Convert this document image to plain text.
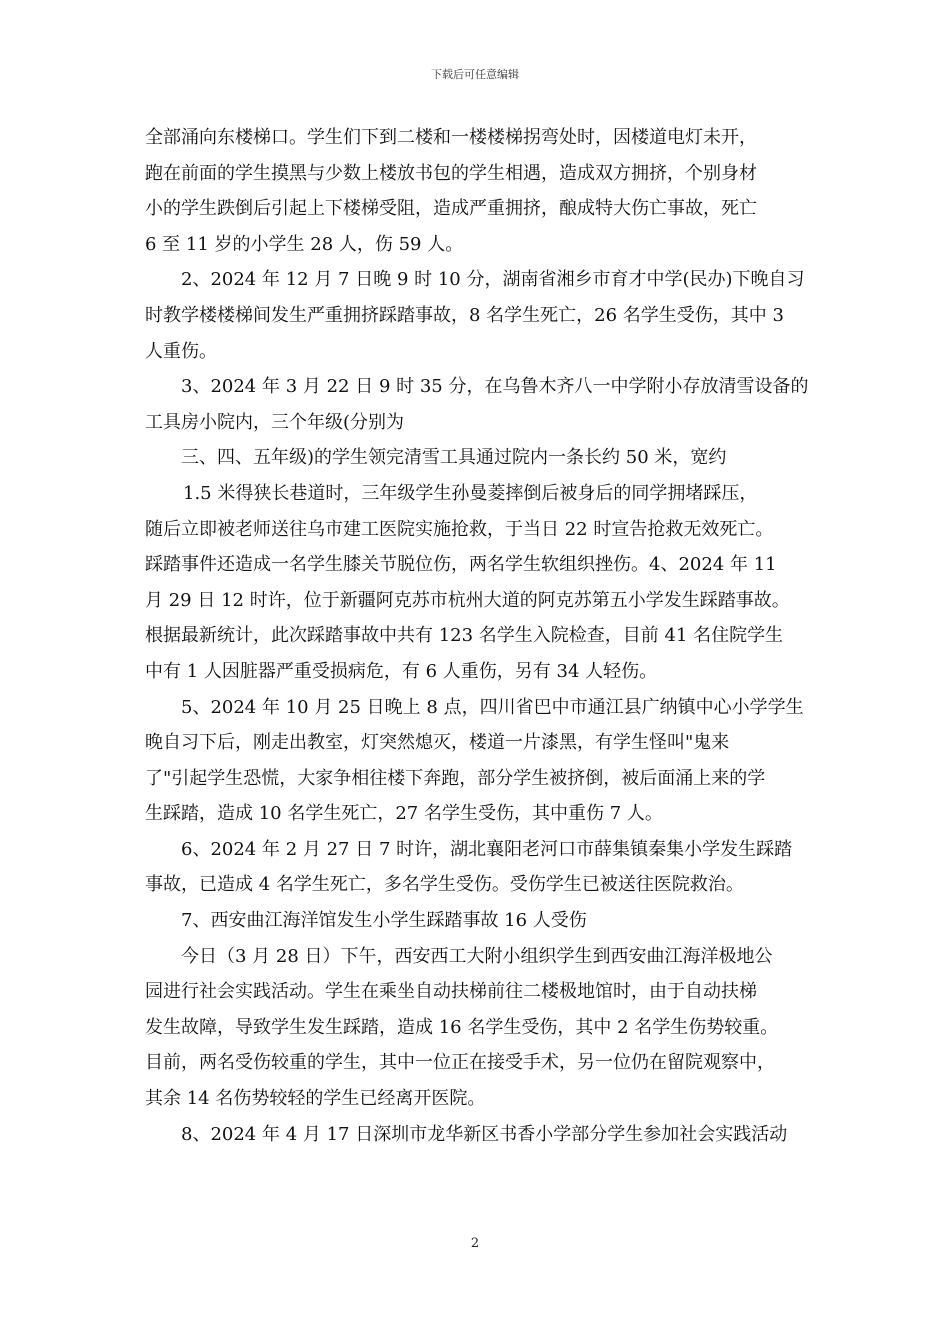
下载后可任意编辑
全部涌向东楼梯口。学生们下到二楼和一楼楼梯拐弯处时，因楼道电灯未开，
跑在前面的学生摸黑与少数上楼放书包的学生相遇，造成双方拥挤，个别身材
小的学生跌倒后引起上下楼梯受阻，造成严重拥挤，酿成特大伤亡事故，死亡
6 至 11 岁的小学生 28 人，伤 59 人。
2、2024 年 12 月 7 日晚 9 时 10 分，湖南省湘乡市育才中学(民办)下晚自习
时教学楼楼梯间发生严重拥挤踩踏事故，8 名学生死亡，26 名学生受伤，其中 3
人重伤。
3、2024 年 3 月 22 日 9 时 35 分，在乌鲁木齐八一中学附小存放清雪设备的
工具房小院内，三个年级(分别为
三、四、五年级)的学生领完清雪工具通过院内一条长约 50 米，宽约
1.5 米得狭长巷道时，三年级学生孙曼菱摔倒后被身后的同学拥堵踩压，
随后立即被老师送往乌市建工医院实施抢救，于当日 22 时宣告抢救无效死亡。
踩踏事件还造成一名学生膝关节脱位伤，两名学生软组织挫伤。4、2024 年 11
月 29 日 12 时许，位于新疆阿克苏市杭州大道的阿克苏第五小学发生踩踏事故。
根据最新统计，此次踩踏事故中共有 123 名学生入院检查，目前 41 名住院学生
中有 1 人因脏器严重受损病危，有 6 人重伤，另有 34 人轻伤。
5、2024 年 10 月 25 日晚上 8 点，四川省巴中市通江县广纳镇中心小学学生
晚自习下后，刚走出教室，灯突然熄灭，楼道一片漆黑，有学生怪叫"鬼来
了"引起学生恐慌，大家争相往楼下奔跑，部分学生被挤倒，被后面涌上来的学
生踩踏，造成 10 名学生死亡，27 名学生受伤，其中重伤 7 人。
6、2024 年 2 月 27 日 7 时许，湖北襄阳老河口市薛集镇秦集小学发生踩踏
事故，已造成 4 名学生死亡，多名学生受伤。受伤学生已被送往医院救治。
7、西安曲江海洋馆发生小学生踩踏事故 16 人受伤
今日（3 月 28 日）下午，西安西工大附小组织学生到西安曲江海洋极地公
园进行社会实践活动。学生在乘坐自动扶梯前往二楼极地馆时，由于自动扶梯
发生故障，导致学生发生踩踏，造成 16 名学生受伤，其中 2 名学生伤势较重。
目前，两名受伤较重的学生，其中一位正在接受手术，另一位仍在留院观察中，
其余 14 名伤势较轻的学生已经离开医院。
8、2024 年 4 月 17 日深圳市龙华新区书香小学部分学生参加社会实践活动
2
